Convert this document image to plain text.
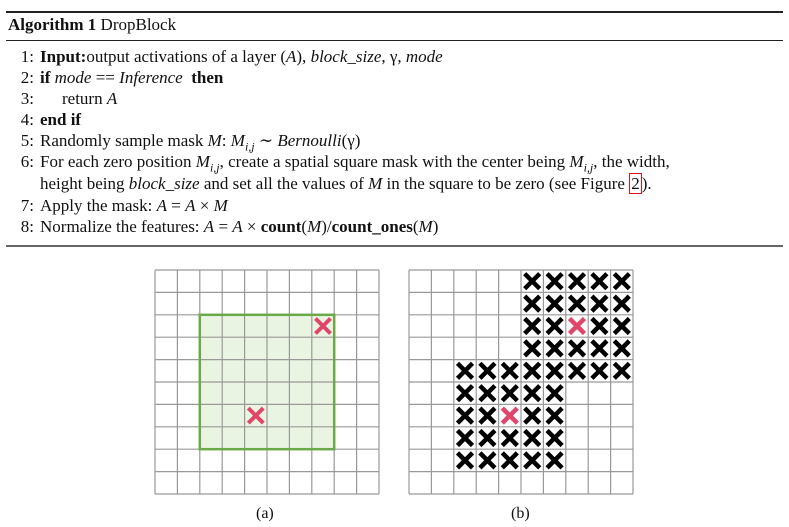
Algorithm 1 DropBlock
1: Input:output activations of a layer (A), block_size, γ, mode
2: if mode == Inference  then
3: return A
4: end if
5: Randomly sample mask M: $M_{i,j}$ ∼ Bernoulli(γ)
6: For each zero position $M_{i,j}$, create a spatial square mask with the center being $M_{i,j}$, the width,
height being block_size and set all the values of M in the square to be zero (see Figure 2 ).
7: Apply the mask: A = A × M
8: Normalize the features: A = A × count(M)/count_ones(M)
(a)	(b)
